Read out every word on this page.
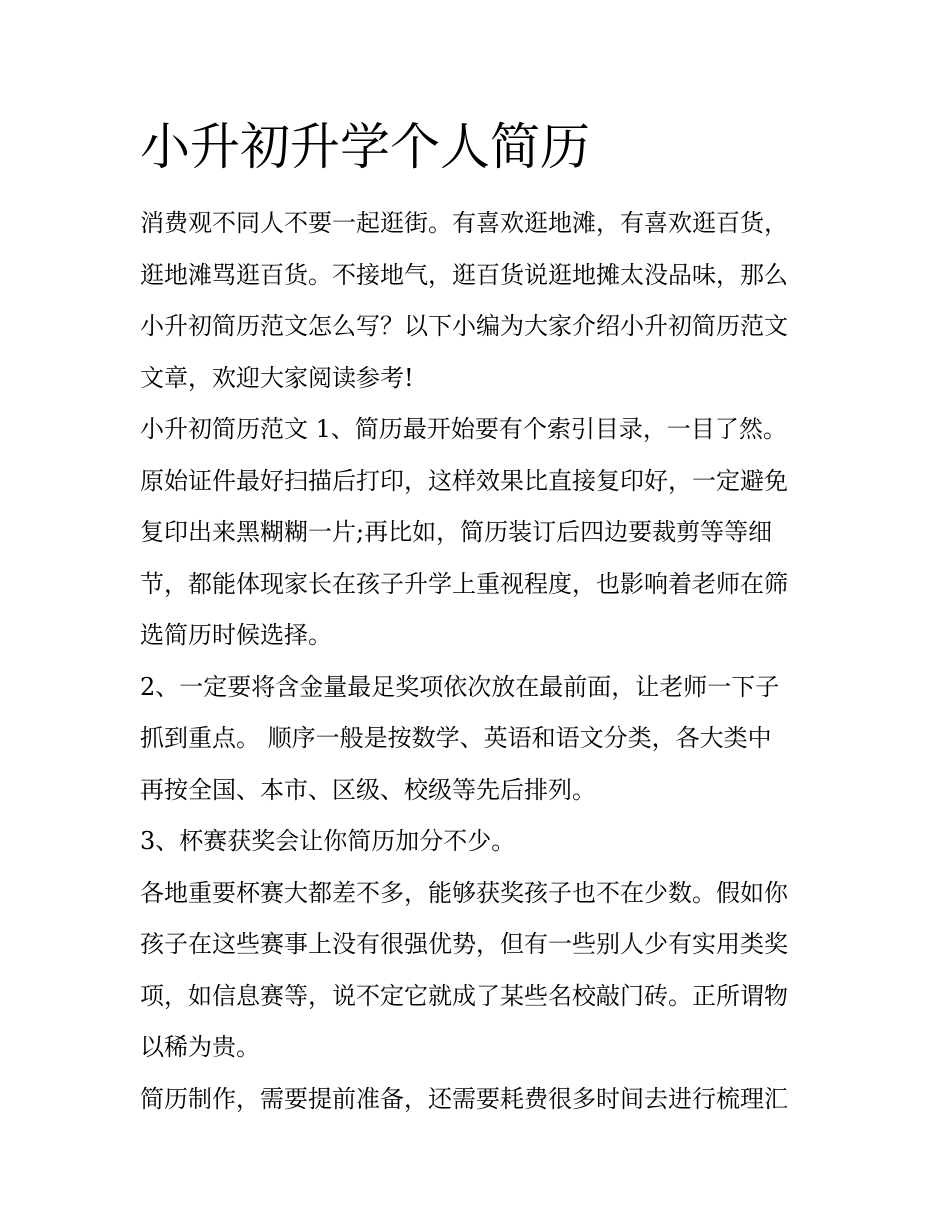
小升初升学个人简历
消费观不同人不要一起逛街。有喜欢逛地滩，有喜欢逛百货，
逛地滩骂逛百货。不接地气，逛百货说逛地摊太没品味，那么
小升初简历范文怎么写？以下小编为大家介绍小升初简历范文
文章，欢迎大家阅读参考!
小升初简历范文 1、简历最开始要有个索引目录，一目了然。
原始证件最好扫描后打印，这样效果比直接复印好，一定避免
复印出来黑糊糊一片;再比如，简历装订后四边要裁剪等等细
节，都能体现家长在孩子升学上重视程度，也影响着老师在筛
选简历时候选择。
2、一定要将含金量最足奖项依次放在最前面，让老师一下子
抓到重点。 顺序一般是按数学、英语和语文分类，各大类中
再按全国、本市、区级、校级等先后排列。
3、杯赛获奖会让你简历加分不少。
各地重要杯赛大都差不多，能够获奖孩子也不在少数。假如你
孩子在这些赛事上没有很强优势，但有一些别人少有实用类奖
项，如信息赛等，说不定它就成了某些名校敲门砖。正所谓物
以稀为贵。
简历制作，需要提前准备，还需要耗费很多时间去进行梳理汇
